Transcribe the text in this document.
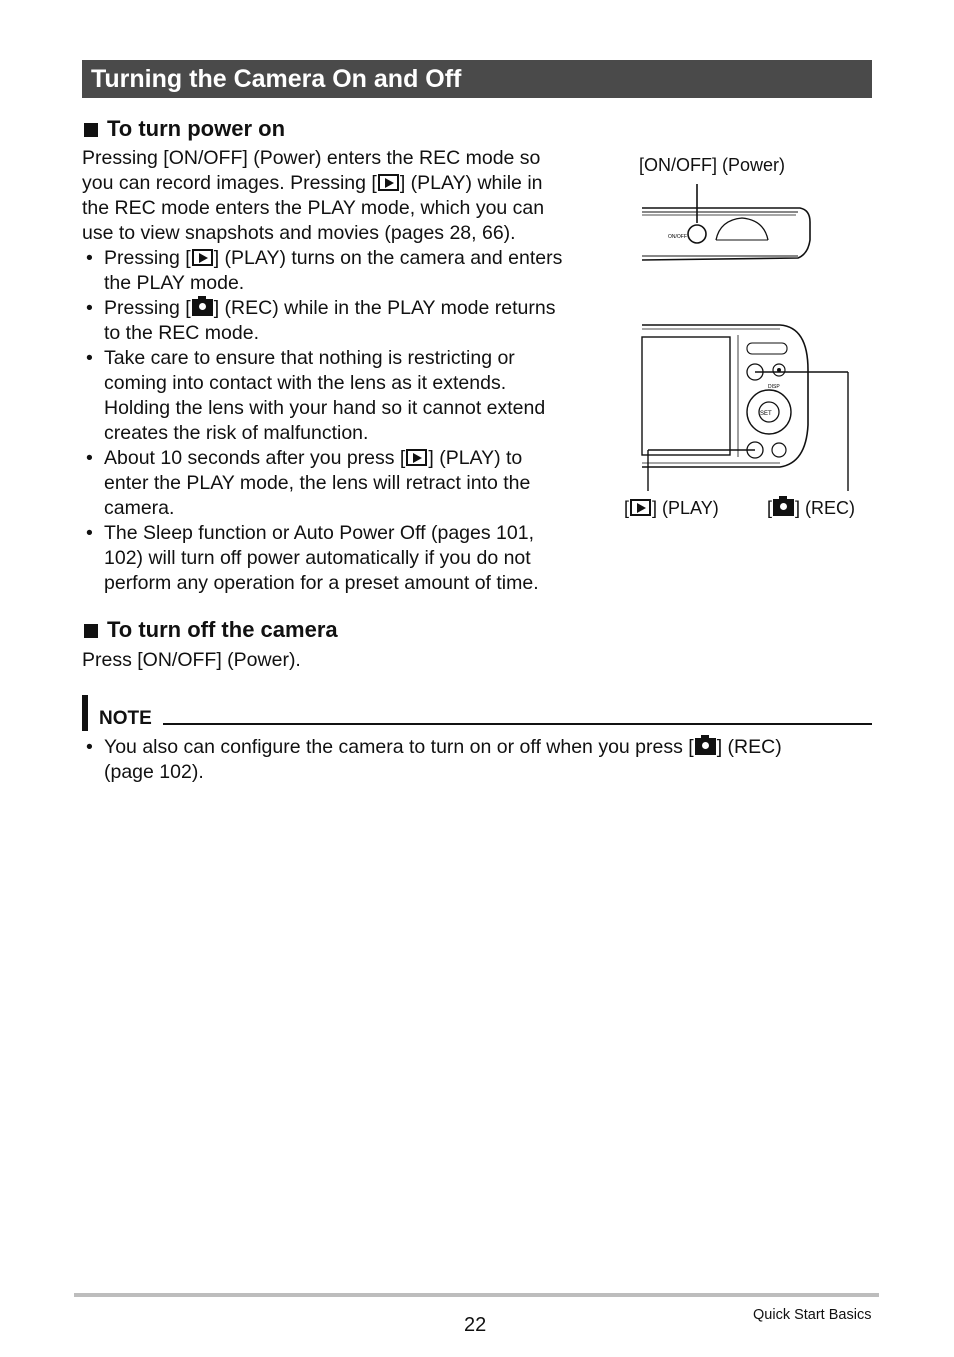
Turning the Camera On and Off
To turn power on

Pressing [ON/OFF] (Power) enters the REC mode so
you can record images. Pressing [ ] (PLAY) while in
the REC mode enters the PLAY mode, which you can
use to view snapshots and movies (pages 28, 66).

• Pressing [ ] (PLAY) turns on the camera and enters
the PLAY mode.
• Pressing [ ] (REC) while in the PLAY mode returns
to the REC mode.
• Take care to ensure that nothing is restricting or
coming into contact with the lens as it extends.
Holding the lens with your hand so it cannot extend
creates the risk of malfunction.
• About 10 seconds after you press [ ] (PLAY) to
enter the PLAY mode, the lens will retract into the
camera.
• The Sleep function or Auto Power Off (pages 101,
102) will turn off power automatically if you do not
perform any operation for a preset amount of time.
[ON/OFF] (Power)
ON/OFF
SET
DISP
[ ] (PLAY)	[ ] (REC)
To turn off the camera

Press [ON/OFF] (Power).

NOTE
• You also can configure the camera to turn on or off when you press [ ] (REC)
(page 102).
22	Quick Start Basics
